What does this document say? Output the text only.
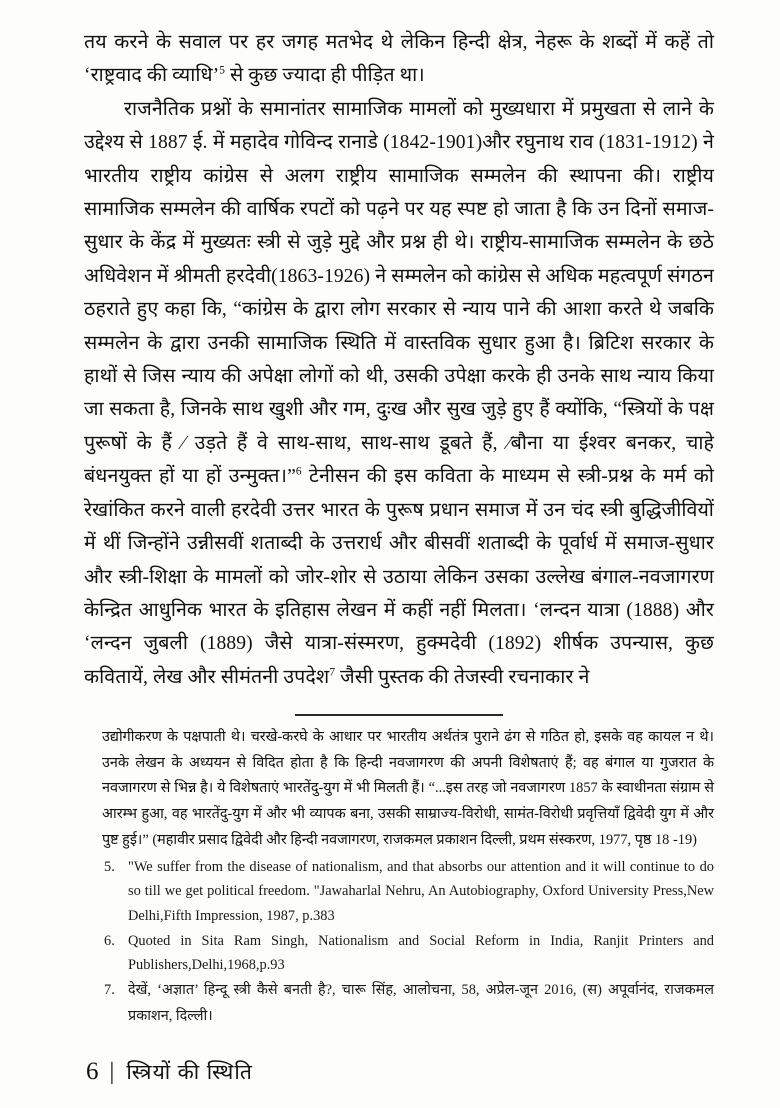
तय करने के सवाल पर हर जगह मतभेद थे लेकिन हिन्दी क्षेत्र, नेहरू के शब्दों में कहें तो ‘राष्ट्रवाद की व्याधि’$^5$ से कुछ ज्यादा ही पीड़ित था।

राजनैतिक प्रश्नों के समानांतर सामाजिक मामलों को मुख्यधारा में प्रमुखता से लाने के उद्देश्य से 1887 ई. में महादेव गोविन्द रानाडे (1842-1901)और रघुनाथ राव (1831-1912) ने भारतीय राष्ट्रीय कांग्रेस से अलग राष्ट्रीय सामाजिक सम्मलेन की स्थापना की। राष्ट्रीय सामाजिक सम्मलेन की वार्षिक रपटों को पढ़ने पर यह स्पष्ट हो जाता है कि उन दिनों समाज-सुधार के केंद्र में मुख्यतः स्त्री से जुड़े मुद्दे और प्रश्न ही थे। राष्ट्रीय-सामाजिक सम्मलेन के छठे अधिवेशन में श्रीमती हरदेवी(1863-1926) ने सम्मलेन को कांग्रेस से अधिक महत्वपूर्ण संगठन ठहराते हुए कहा कि, “कांग्रेस के द्वारा लोग सरकार से न्याय पाने की आशा करते थे जबकि सम्मलेन के द्वारा उनकी सामाजिक स्थिति में वास्तविक सुधार हुआ है। ब्रिटिश सरकार के हाथों से जिस न्याय की अपेक्षा लोगों को थी, उसकी उपेक्षा करके ही उनके साथ न्याय किया जा सकता है, जिनके साथ खुशी और गम, दुःख और सुख जुड़े हुए हैं क्योंकि, “स्त्रियों के पक्ष पुरूषों के हैं ⁄ उड़ते हैं वे साथ-साथ, साथ-साथ डूबते हैं, ⁄बौना या ईश्वर बनकर, चाहे बंधनयुक्त हों या हों उन्मुक्त।”$^6$ टेनीसन की इस कविता के माध्यम से स्त्री-प्रश्न के मर्म को रेखांकित करने वाली हरदेवी उत्तर भारत के पुरूष प्रधान समाज में उन चंद स्त्री बुद्धिजीवियों में थीं जिन्होंने उन्नीसवीं शताब्दी के उत्तरार्ध और बीसवीं शताब्दी के पूर्वार्ध में समाज-सुधार और स्त्री-शिक्षा के मामलों को जोर-शोर से उठाया लेकिन उसका उल्लेख बंगाल-नवजागरण केन्द्रित आधुनिक भारत के इतिहास लेखन में कहीं नहीं मिलता। ‘लन्दन यात्रा (1888) और ‘लन्दन जुबली (1889) जैसे यात्रा-संस्मरण, हुक्मदेवी (1892) शीर्षक उपन्यास, कुछ कवितायें, लेख और सीमंतनी उपदेश$^7$ जैसी पुस्तक की तेजस्वी रचनाकार ने

उद्योगीकरण के पक्षपाती थे। चरखे-करघे के आधार पर भारतीय अर्थतंत्र पुराने ढंग से गठित हो, इसके वह कायल न थे। उनके लेखन के अध्ययन से विदित होता है कि हिन्दी नवजागरण की अपनी विशेषताएं हैं; वह बंगाल या गुजरात के नवजागरण से भिन्न है। ये विशेषताएं भारतेंदु-युग में भी मिलती हैं। “...इस तरह जो नवजागरण 1857 के स्वाधीनता संग्राम से आरम्भ हुआ, वह भारतेंदु-युग में और भी व्यापक बना, उसकी साम्राज्य-विरोधी, सामंत-विरोधी प्रवृत्तियाँ द्विवेदी युग में और पुष्ट हुई।” (महावीर प्रसाद द्विवेदी और हिन्दी नवजागरण, राजकमल प्रकाशन दिल्ली, प्रथम संस्करण, 1977, पृष्ठ 18 -19)

5. "We suffer from the disease of nationalism, and that absorbs our attention and it will continue to do so till we get political freedom. "Jawaharlal Nehru, An Autobiography, Oxford University Press,New Delhi,Fifth Impression, 1987, p.383
6. Quoted in Sita Ram Singh, Nationalism and Social Reform in India, Ranjit Printers and Publishers,Delhi,1968,p.93
7. देखें, ‘अज्ञात’ हिन्दू स्त्री कैसे बनती है?, चारू सिंह, आलोचना, 58, अप्रेल-जून 2016, (स) अपूर्वानंद, राजकमल प्रकाशन, दिल्ली।
6 | स्त्रियों की स्थिति
